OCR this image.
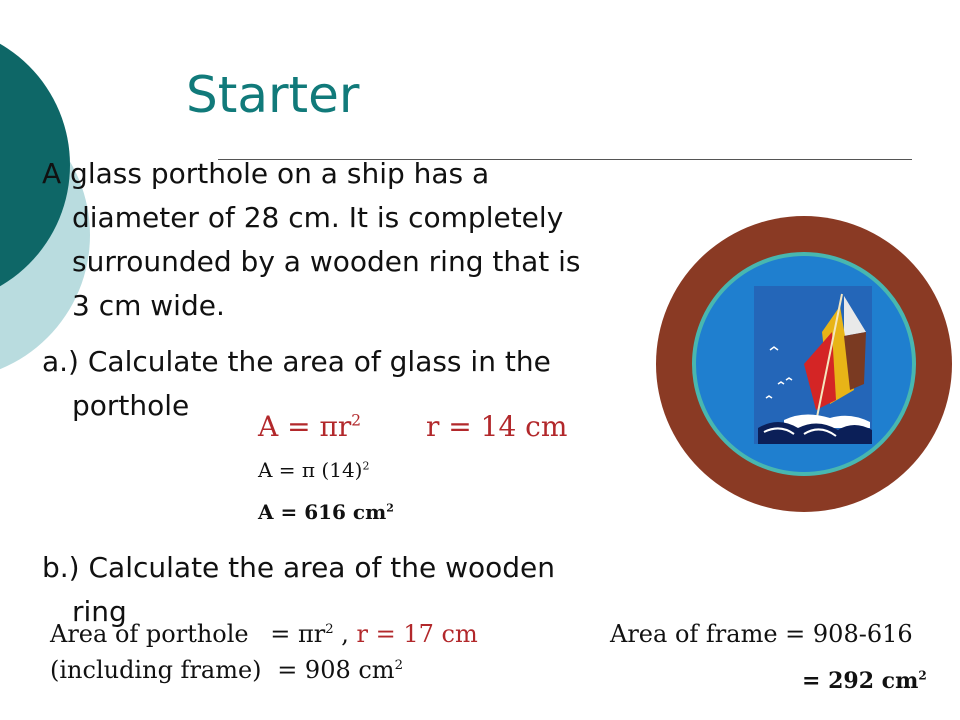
Starter
A glass porthole on a ship has a
diameter of 28 cm. It is completely
surrounded by a wooden ring that is
3 cm wide.
a.) Calculate the area of glass in the
porthole
$A = \pi r^2$ r = 14 cm
A = π $(14)^2$
A = 616 $cm^2$
b.) Calculate the area of the wooden
ring
Area of porthole = $\pi r^2$ , r = 17 cm
(including frame) = 908 $cm^2$
Area of frame = 908-616
= 292 $cm^2$
